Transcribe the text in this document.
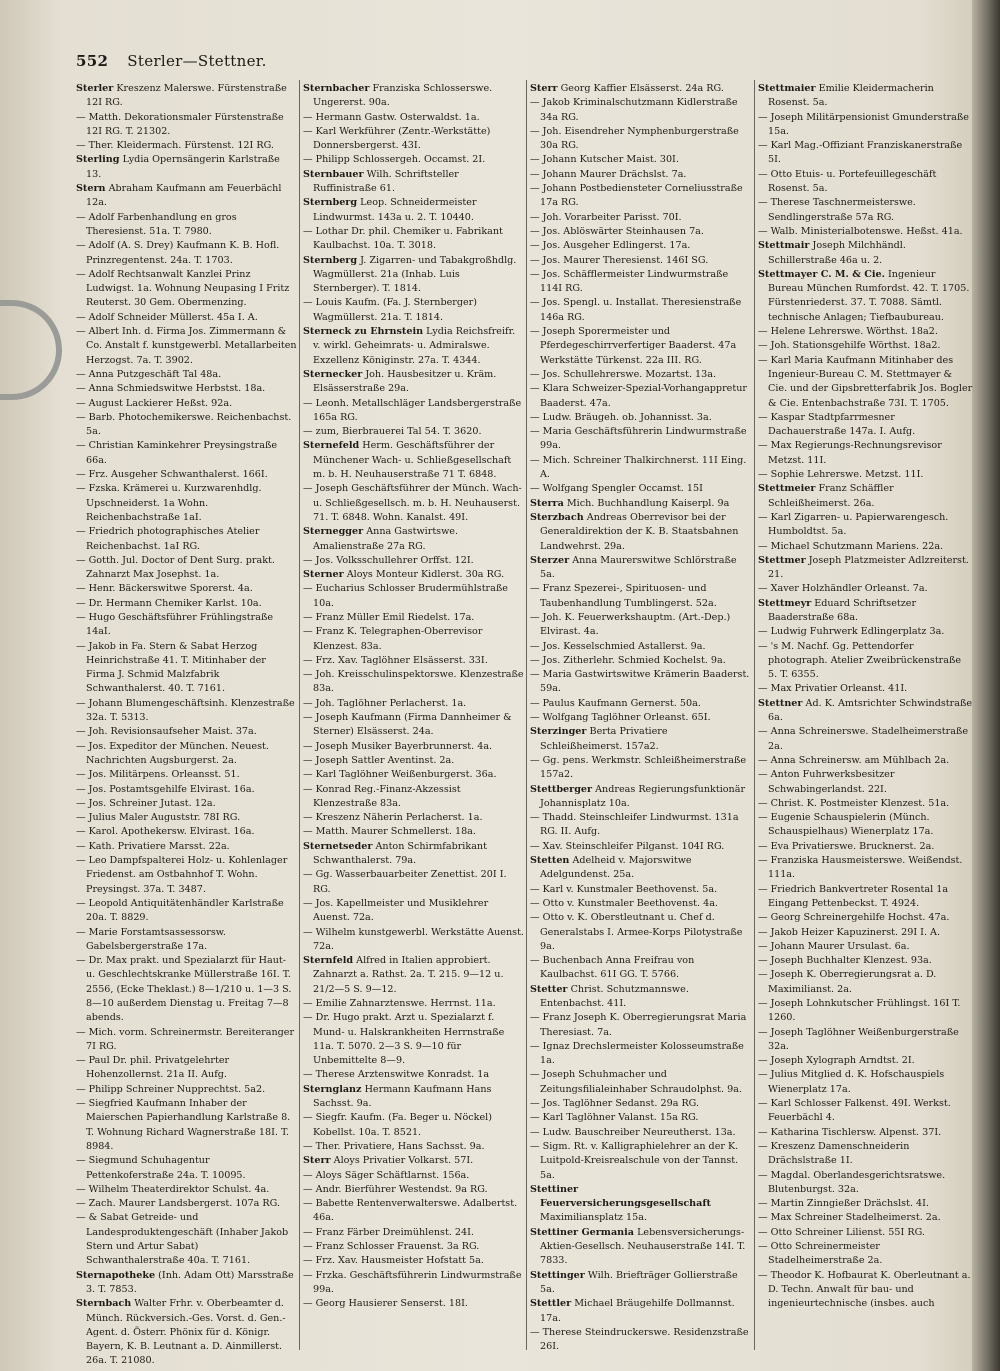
552 Sterler—Stettner.
Sterler Kreszenz Malerswe. Fürstenstraße 12I RG.
— Matth. Dekorationsmaler Fürstenstraße 12I RG. T. 21302.
— Ther. Kleidermach. Fürstenst. 12I RG.
Sterling Lydia Opernsängerin Karlstraße 13.
Stern Abraham Kaufmann am Feuerbächl 12a.
— Adolf Farbenhandlung en gros Theresienst. 51a. T. 7980.
— Adolf (A. S. Drey) Kaufmann K. B. Hofl. Prinzregentenst. 24a. T. 1703.
— Adolf Rechtsanwalt Kanzlei Prinz Ludwigst. 1a. Wohnung Neupasing I Fritz Reuterst. 30 Gem. Obermenzing.
— Adolf Schneider Müllerst. 45a I. A.
— Albert Inh. d. Firma Jos. Zimmermann & Co. Anstalt f. kunstgewerbl. Metallarbeiten Herzogst. 7a. T. 3902.
— Anna Putzgeschäft Tal 48a.
— Anna Schmiedswitwe Herbstst. 18a.
— August Lackierer Heßst. 92a.
— Barb. Photochemikerswe. Reichenbachst. 5a.
— Christian Kaminkehrer Preysingstraße 66a.
— Frz. Ausgeher Schwanthalerst. 166I.
— Fzska. Krämerei u. Kurzwarenhdlg. Upschneiderst. 1a Wohn. Reichenbachstraße 1aI.
— Friedrich photographisches Atelier Reichenbachst. 1aI RG.
— Gotth. Jul. Doctor of Dent Surg. prakt. Zahnarzt Max Josephst. 1a.
— Henr. Bäckerswitwe Sporerst. 4a.
— Dr. Hermann Chemiker Karlst. 10a.
— Hugo Geschäftsführer Frühlingstraße 14aI.
— Jakob in Fa. Stern & Sabat Herzog Heinrichstraße 41. T. Mitinhaber der Firma J. Schmid Malzfabrik Schwanthalerst. 40. T. 7161.
— Johann Blumengeschäftsinh. Klenzestraße 32a. T. 5313.
— Joh. Revisionsaufseher Maist. 37a.
— Jos. Expeditor der München. Neuest. Nachrichten Augsburgerst. 2a.
— Jos. Militärpens. Orleansst. 51.
— Jos. Postamtsgehilfe Elvirast. 16a.
— Jos. Schreiner Jutast. 12a.
— Julius Maler Auguststr. 78I RG.
— Karol. Apothekersw. Elvirast. 16a.
— Kath. Privatiere Marsst. 22a.
— Leo Dampfspalterei Holz- u. Kohlenlager Friedenst. am Ostbahnhof T. Wohn. Preysingst. 37a. T. 3487.
— Leopold Antiquitätenhändler Karlstraße 20a. T. 8829.
— Marie Forstamtsassessorsw. Gabelsbergerstraße 17a.
— Dr. Max prakt. und Spezialarzt für Haut- u. Geschlechtskranke Müllerstraße 16I. T. 2556, (Ecke Theklast.) 8—1/210 u. 1—3 S. 8—10 außerdem Dienstag u. Freitag 7—8 abends.
— Mich. vorm. Schreinermstr. Bereiteranger 7I RG.
— Paul Dr. phil. Privatgelehrter Hohenzollernst. 21a II. Aufg.
— Philipp Schreiner Nupprechtst. 5a2.
— Siegfried Kaufmann Inhaber der Maierschen Papierhandlung Karlstraße 8. T. Wohnung Richard Wagnerstraße 18I. T. 8984.
— Siegmund Schuhagentur Pettenkoferstraße 24a. T. 10095.
— Wilhelm Theaterdirektor Schulst. 4a.
— Zach. Maurer Landsbergerst. 107a RG.
— & Sabat Getreide- und Landesproduktengeschäft (Inhaber Jakob Stern und Artur Sabat) Schwanthalerstraße 40a. T. 7161.
Sternapotheke (Inh. Adam Ott) Marsstraße 3. T. 7853.
Sternbach Walter Frhr. v. Oberbeamter d. Münch. Rückversich.-Ges. Vorst. d. Gen.-Agent. d. Österr. Phönix für d. Königr. Bayern, K. B. Leutnant a. D. Ainmillerst. 26a. T. 21080.
Sternbacher Franziska Schlosserswe. Ungererst. 90a.
— Hermann Gastw. Osterwaldst. 1a.
— Karl Werkführer (Zentr.-Werkstätte) Donnersbergerst. 43I.
— Philipp Schlossergeh. Occamst. 2I.
Sternbauer Wilh. Schriftsteller Ruffinistraße 61.
Sternberg Leop. Schneidermeister Lindwurmst. 143a u. 2. T. 10440.
— Lothar Dr. phil. Chemiker u. Fabrikant Kaulbachst. 10a. T. 3018.
Sternberg J. Zigarren- und Tabakgroßhdlg. Wagmüllerst. 21a (Inhab. Luis Sternberger). T. 1814.
— Louis Kaufm. (Fa. J. Sternberger) Wagmüllerst. 21a. T. 1814.
Sterneck zu Ehrnstein Lydia Reichsfreifr. v. wirkl. Geheimrats- u. Admiralswe. Exzellenz Königinstr. 27a. T. 4344.
Sternecker Joh. Hausbesitzer u. Kräm. Elsässerstraße 29a.
— Leonh. Metallschläger Landsbergerstraße 165a RG.
— zum, Bierbrauerei Tal 54. T. 3620.
Sternefeld Herm. Geschäftsführer der Münchener Wach- u. Schließgesellschaft m. b. H. Neuhauserstraße 71 T. 6848.
— Joseph Geschäftsführer der Münch. Wach- u. Schließgesellsch. m. b. H. Neuhauserst. 71. T. 6848. Wohn. Kanalst. 49I.
Sternegger Anna Gastwirtswe. Amalienstraße 27a RG.
— Jos. Volksschullehrer Orffst. 12I.
Sterner Aloys Monteur Kidlerst. 30a RG.
— Eucharius Schlosser Brudermühlstraße 10a.
— Franz Müller Emil Riedelst. 17a.
— Franz K. Telegraphen-Oberrevisor Klenzest. 83a.
— Frz. Xav. Taglöhner Elsässerst. 33I.
— Joh. Kreisschulinspektorswe. Klenzestraße 83a.
— Joh. Taglöhner Perlacherst. 1a.
— Joseph Kaufmann (Firma Dannheimer & Sterner) Elsässerst. 24a.
— Joseph Musiker Bayerbrunnerst. 4a.
— Joseph Sattler Aventinst. 2a.
— Karl Taglöhner Weißenburgerst. 36a.
— Konrad Reg.-Finanz-Akzessist Klenzestraße 83a.
— Kreszenz Näherin Perlacherst. 1a.
— Matth. Maurer Schmellerst. 18a.
Sternetseder Anton Schirmfabrikant Schwanthalerst. 79a.
— Gg. Wasserbauarbeiter Zenettist. 20I I. RG.
— Jos. Kapellmeister und Musiklehrer Auenst. 72a.
— Wilhelm kunstgewerbl. Werkstätte Auenst. 72a.
Sternfeld Alfred in Italien approbiert. Zahnarzt a. Rathst. 2a. T. 215. 9—12 u. 21/2—5 S. 9—12.
— Emilie Zahnarztenswe. Herrnst. 11a.
— Dr. Hugo prakt. Arzt u. Spezialarzt f. Mund- u. Halskrankheiten Herrnstraße 11a. T. 5070. 2—3 S. 9—10 für Unbemittelte 8—9.
— Therese Arztenswitwe Konradst. 1a
Sternglanz Hermann Kaufmann Hans Sachsst. 9a.
— Siegfr. Kaufm. (Fa. Beger u. Nöckel) Kobellst. 10a. T. 8521.
— Ther. Privatiere, Hans Sachsst. 9a.
Sterr Aloys Privatier Volkarst. 57I.
— Aloys Säger Schäftlarnst. 156a.
— Andr. Bierführer Westendst. 9a RG.
— Babette Rentenverwalterswe. Adalbertst. 46a.
— Franz Färber Dreimühlenst. 24I.
— Franz Schlosser Frauenst. 3a RG.
— Frz. Xav. Hausmeister Hofstatt 5a.
— Frzka. Geschäftsführerin Lindwurmstraße 99a.
— Georg Hausierer Senserst. 18I.
Sterr Georg Kaffier Elsässerst. 24a RG.
— Jakob Kriminalschutzmann Kidlerstraße 34a RG.
— Joh. Eisendreher Nymphenburgerstraße 30a RG.
— Johann Kutscher Maist. 30I.
— Johann Maurer Drächslst. 7a.
— Johann Postbediensteter Corneliusstraße 17a RG.
— Joh. Vorarbeiter Parisst. 70I.
— Jos. Ablöswärter Steinhausen 7a.
— Jos. Ausgeher Edlingerst. 17a.
— Jos. Maurer Theresienst. 146I SG.
— Jos. Schäfflermeister Lindwurmstraße 114I RG.
— Jos. Spengl. u. Installat. Theresienstraße 146a RG.
— Joseph Sporermeister und Pferdegeschirrverfertiger Baaderst. 47a Werkstätte Türkenst. 22a III. RG.
— Jos. Schullehrerswe. Mozartst. 13a.
— Klara Schweizer-Spezial-Vorhangappretur Baaderst. 47a.
— Ludw. Bräugeh. ob. Johannisst. 3a.
— Maria Geschäftsführerin Lindwurmstraße 99a.
— Mich. Schreiner Thalkirchnerst. 11I Eing. A.
— Wolfgang Spengler Occamst. 15I
Sterra Mich. Buchhandlung Kaiserpl. 9a
Sterzbach Andreas Oberrevisor bei der Generaldirektion der K. B. Staatsbahnen Landwehrst. 29a.
Sterzer Anna Maurerswitwe Schlörstraße 5a.
— Franz Spezerei-, Spirituosen- und Taubenhandlung Tumblingerst. 52a.
— Joh. K. Feuerwerkshauptm. (Art.-Dep.) Elvirast. 4a.
— Jos. Kesselschmied Astallerst. 9a.
— Jos. Zitherlehr. Schmied Kochelst. 9a.
— Maria Gastwirtswitwe Krämerin Baaderst. 59a.
— Paulus Kaufmann Gernerst. 50a.
— Wolfgang Taglöhner Orleanst. 65I.
Sterzinger Berta Privatiere Schleißheimerst. 157a2.
— Gg. pens. Werkmstr. Schleißheimerstraße 157a2.
Stettberger Andreas Regierungsfunktionär Johannisplatz 10a.
— Thadd. Steinschleifer Lindwurmst. 131a RG. II. Aufg.
— Xav. Steinschleifer Pilganst. 104I RG.
Stetten Adelheid v. Majorswitwe Adelgundenst. 25a.
— Karl v. Kunstmaler Beethovenst. 5a.
— Otto v. Kunstmaler Beethovenst. 4a.
— Otto v. K. Oberstleutnant u. Chef d. Generalstabs I. Armee-Korps Pilotystraße 9a.
— Buchenbach Anna Freifrau von Kaulbachst. 61I GG. T. 5766.
Stetter Christ. Schutzmannswe. Entenbachst. 41I.
— Franz Joseph K. Oberregierungsrat Maria Theresiast. 7a.
— Ignaz Drechslermeister Kolosseumstraße 1a.
— Joseph Schuhmacher und Zeitungsfilialeinhaber Schraudolphst. 9a.
— Jos. Taglöhner Sedanst. 29a RG.
— Karl Taglöhner Valanst. 15a RG.
— Ludw. Bauschreiber Neureutherst. 13a.
— Sigm. Rt. v. Kalligraphielehrer an der K. Luitpold-Kreisrealschule von der Tannst. 5a.
Stettiner Feuerversicherungsgesellschaft Maximiliansplatz 15a.
Stettiner Germania Lebensversicherungs-Aktien-Gesellsch. Neuhauserstraße 14I. T. 7833.
Stettinger Wilh. Briefträger Gollierstraße 5a.
Stettler Michael Bräugehilfe Dollmannst. 17a.
— Therese Steindruckerswe. Residenzstraße 26I.
Stettmaier Emilie Kleidermacherin Rosenst. 5a.
— Joseph Militärpensionist Gmunderstraße 15a.
— Karl Mag.-Offiziant Franziskanerstraße 5I.
— Otto Etuis- u. Portefeuillegeschäft Rosenst. 5a.
— Therese Taschnermeisterswe. Sendlingerstraße 57a RG.
— Walb. Ministerialbotenswe. Heßst. 41a.
Stettmair Joseph Milchhändl. Schillerstraße 46a u. 2.
Stettmayer C. M. & Cie. Ingenieur Bureau München Rumfordst. 42. T. 1705. Fürstenriederst. 37. T. 7088. Sämtl. technische Anlagen; Tiefbaubureau.
— Helene Lehrerswe. Wörthst. 18a2.
— Joh. Stationsgehilfe Wörthst. 18a2.
— Karl Maria Kaufmann Mitinhaber des Ingenieur-Bureau C. M. Stettmayer & Cie. und der Gipsbretterfabrik Jos. Bogler & Cie. Entenbachstraße 73I. T. 1705.
— Kaspar Stadtpfarrmesner Dachauerstraße 147a. I. Aufg.
— Max Regierungs-Rechnungsrevisor Metzst. 11I.
— Sophie Lehrerswe. Metzst. 11I.
Stettmeier Franz Schäffler Schleißheimerst. 26a.
— Karl Zigarren- u. Papierwarengesch. Humboldtst. 5a.
— Michael Schutzmann Mariens. 22a.
Stettmer Joseph Platzmeister Adlzreiterst. 21.
— Xaver Holzhändler Orleanst. 7a.
Stettmeyr Eduard Schriftsetzer Baaderstraße 68a.
— Ludwig Fuhrwerk Edlingerplatz 3a.
— 's M. Nachf. Gg. Pettendorfer photograph. Atelier Zweibrückenstraße 5. T. 6355.
— Max Privatier Orleanst. 41I.
Stettner Ad. K. Amtsrichter Schwindstraße 6a.
— Anna Schreinerswe. Stadelheimerstraße 2a.
— Anna Schreinersw. am Mühlbach 2a.
— Anton Fuhrwerksbesitzer Schwabingerlandst. 22I.
— Christ. K. Postmeister Klenzest. 51a.
— Eugenie Schauspielerin (Münch. Schauspielhaus) Wienerplatz 17a.
— Eva Privatierswe. Brucknerst. 2a.
— Franziska Hausmeisterswe. Weißendst. 111a.
— Friedrich Bankvertreter Rosental 1a Eingang Pettenbeckst. T. 4924.
— Georg Schreinergehilfe Hochst. 47a.
— Jakob Heizer Kapuzinerst. 29I I. A.
— Johann Maurer Ursulast. 6a.
— Joseph Buchhalter Klenzest. 93a.
— Joseph K. Oberregierungsrat a. D. Maximilianst. 2a.
— Joseph Lohnkutscher Frühlingst. 16I T. 1260.
— Joseph Taglöhner Weißenburgerstraße 32a.
— Joseph Xylograph Arndtst. 2I.
— Julius Mitglied d. K. Hofschauspiels Wienerplatz 17a.
— Karl Schlosser Falkenst. 49I. Werkst. Feuerbächl 4.
— Katharina Tischlersw. Alpenst. 37I.
— Kreszenz Damenschneiderin Drächslstraße 1I.
— Magdal. Oberlandesgerichtsratswe. Blutenburgst. 32a.
— Martin Zinngießer Drächslst. 4I.
— Max Schreiner Stadelheimerst. 2a.
— Otto Schreiner Lilienst. 55I RG.
— Otto Schreinermeister Stadelheimerstraße 2a.
— Theodor K. Hofbaurat K. Oberleutnant a. D. Techn. Anwalt für bau- und ingenieurtechnische (insbes. auch
